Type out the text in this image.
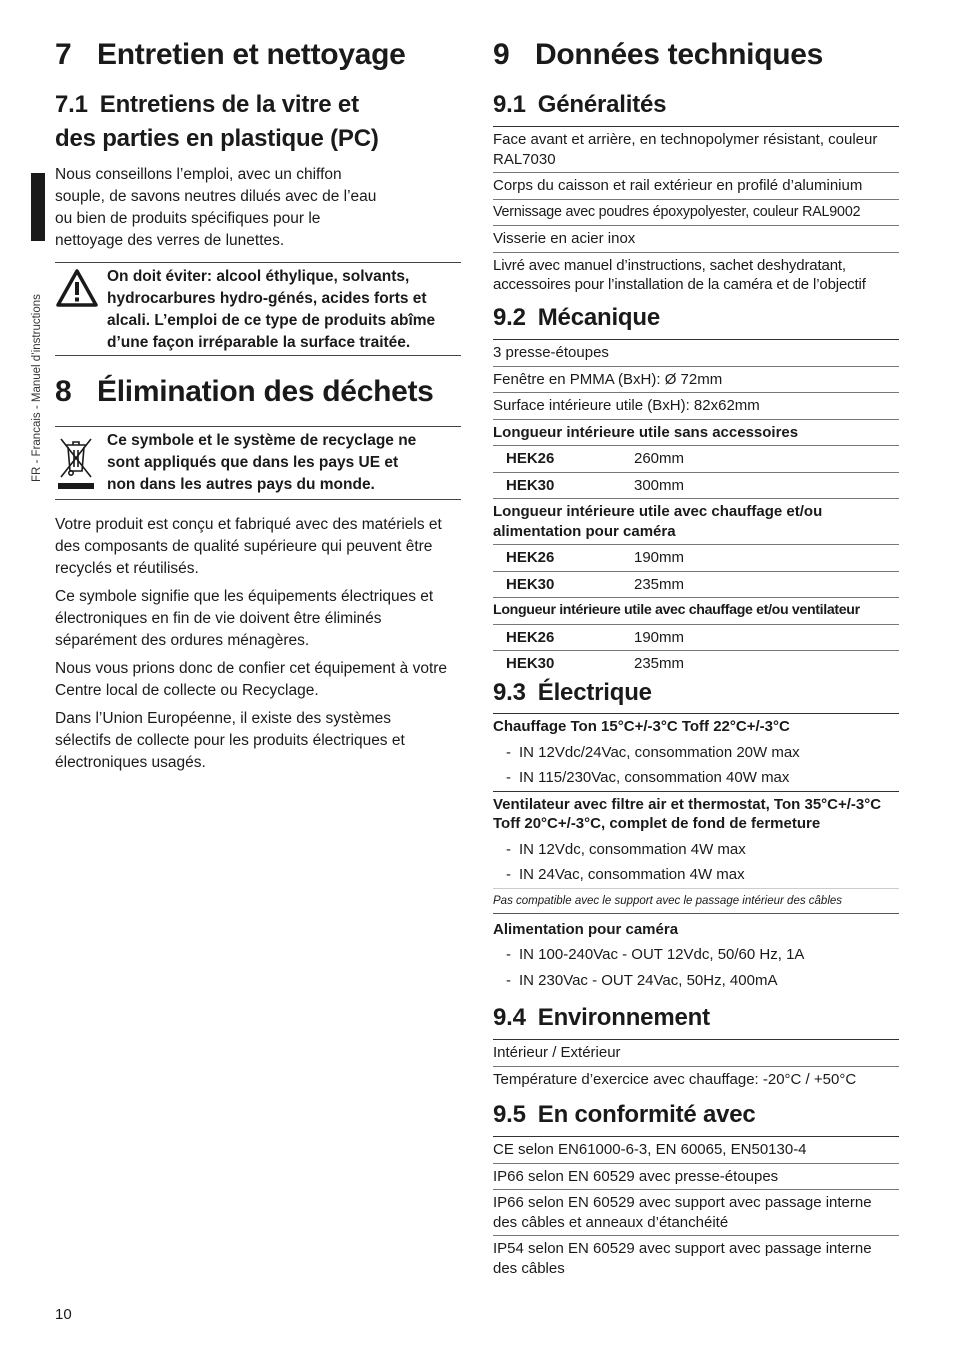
FR - Francais - Manuel d’instructions
10
7 Entretien et nettoyage
7.1 Entretiens de la vitre et
des parties en plastique (PC)
Nous conseillons l’emploi, avec un chiffon souple, de savons neutres dilués avec de l’eau ou bien de produits spécifiques pour le nettoyage des verres de lunettes.
On doit éviter: alcool éthylique, solvants, hydrocarbures hydro-génés, acides forts et alcali. L’emploi de ce type de produits abîme d’une façon irréparable la surface traitée.
8 Élimination des déchets
Ce symbole et le système de recyclage ne sont appliqués que dans les pays UE et non dans les autres pays du monde.
Votre produit est conçu et fabriqué avec des matériels et des composants de qualité supérieure qui peuvent être recyclés et réutilisés.
Ce symbole signifie que les équipements électriques et électroniques en fin de vie doivent être éliminés séparément des ordures ménagères.
Nous vous prions donc de confier cet équipement à votre Centre local de collecte ou Recyclage.
Dans l’Union Européenne, il existe des systèmes sélectifs de collecte pour les produits électriques et électroniques usagés.
9 Données techniques
9.1 Généralités
Face avant et arrière, en technopolymer résistant, couleur RAL7030
Corps du caisson et rail extérieur en profilé d’aluminium
Vernissage avec poudres époxypolyester, couleur RAL9002
Visserie en acier inox
Livré avec manuel d’instructions, sachet deshydratant, accessoires pour l’installation de la caméra et de l’objectif
9.2 Mécanique
3 presse-étoupes
Fenêtre en PMMA (BxH): Ø 72mm
Surface intérieure utile (BxH): 82x62mm
Longueur intérieure utile sans accessoires
HEK26	260mm
HEK30	300mm
Longueur intérieure utile avec chauffage et/ou alimentation pour caméra
HEK26	190mm
HEK30	235mm
Longueur intérieure utile avec chauffage et/ou ventilateur
HEK26	190mm
HEK30	235mm
9.3 Électrique
Chauffage Ton 15°C+/-3°C Toff 22°C+/-3°C
- IN 12Vdc/24Vac, consommation 20W max
- IN 115/230Vac, consommation 40W max
Ventilateur avec filtre air et thermostat, Ton 35°C+/-3°C Toff 20°C+/-3°C, complet de fond de fermeture
- IN 12Vdc, consommation 4W max
- IN 24Vac, consommation 4W max
Pas compatible avec le support avec le passage intérieur des câbles
Alimentation pour caméra
- IN 100-240Vac - OUT 12Vdc, 50/60 Hz, 1A
- IN 230Vac - OUT 24Vac, 50Hz, 400mA
9.4 Environnement
Intérieur / Extérieur
Température d’exercice avec chauffage: -20°C / +50°C
9.5 En conformité avec
CE selon EN61000-6-3, EN 60065, EN50130-4
IP66 selon EN 60529 avec presse-étoupes
IP66 selon EN 60529 avec support avec passage interne des câbles et anneaux d’étanchéité
IP54 selon EN 60529 avec support avec passage interne des câbles
